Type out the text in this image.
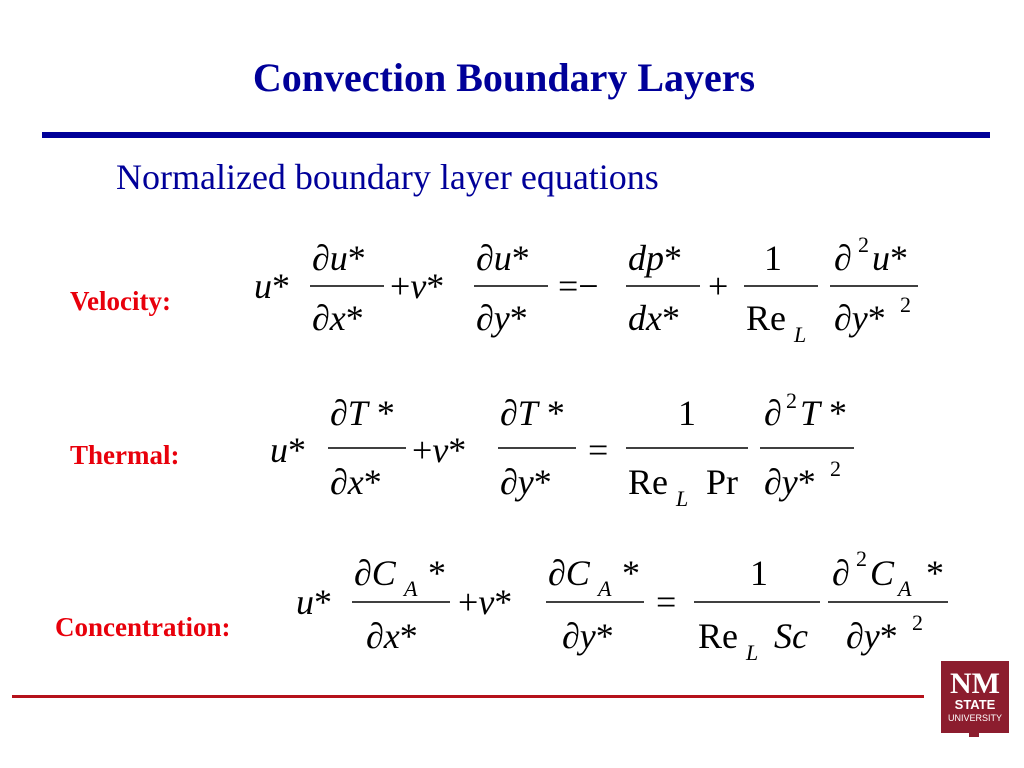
Convection Boundary Layers
Normalized boundary layer equations
Velocity:
Thermal:
Concentration:
u*
∂u*
∂x*
+v*
∂u*
∂y*
=−
dp*
dx*
+
1
Re L
∂ 2 u*
∂y* 2
u*
∂T *
∂x*
+v*
∂T *
∂y*
=
1
Re L Pr
∂ 2 T *
∂y* 2
u*
∂C A *
∂x*
+v*
∂C A *
∂y*
=
1
Re L Sc
∂ 2 C A *
∂y* 2
NM
STATE
UNIVERSITY
